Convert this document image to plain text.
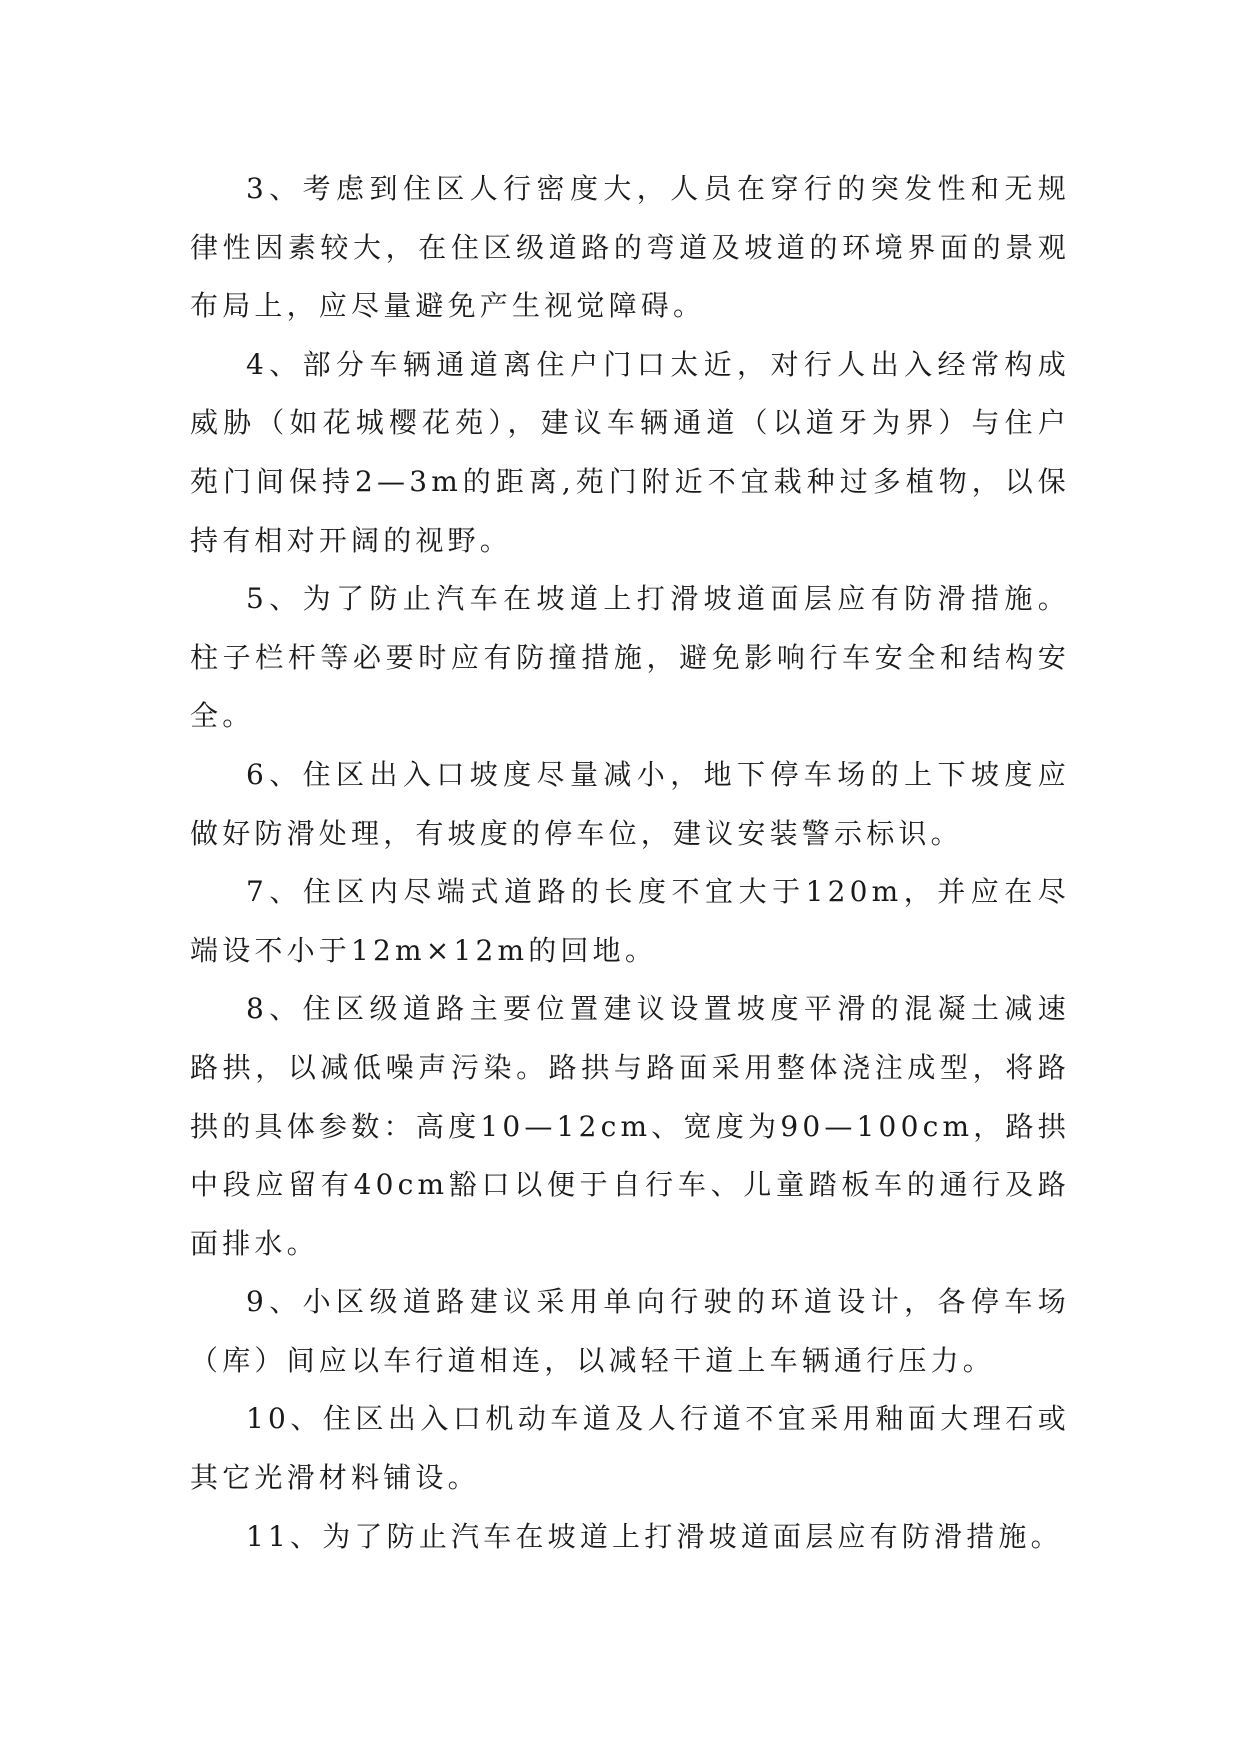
3、考虑到住区人行密度大，人员在穿行的突发性和无规律性因素较大，在住区级道路的弯道及坡道的环境界面的景观布局上，应尽量避免产生视觉障碍。

4、部分车辆通道离住户门口太近，对行人出入经常构成威胁（如花城樱花苑），建议车辆通道（以道牙为界）与住户苑门间保持2—3m的距离,苑门附近不宜栽种过多植物，以保持有相对开阔的视野。

5、为了防止汽车在坡道上打滑坡道面层应有防滑措施。柱子栏杆等必要时应有防撞措施，避免影响行车安全和结构安全。

6、住区出入口坡度尽量减小，地下停车场的上下坡度应做好防滑处理，有坡度的停车位，建议安装警示标识。

7、住区内尽端式道路的长度不宜大于120m，并应在尽端设不小于12m×12m的回地。

8、住区级道路主要位置建议设置坡度平滑的混凝土减速路拱，以减低噪声污染。路拱与路面采用整体浇注成型，将路拱的具体参数：高度10—12cm、宽度为90—100cm，路拱中段应留有40cm豁口以便于自行车、儿童踏板车的通行及路面排水。

9、小区级道路建议采用单向行驶的环道设计，各停车场（库）间应以车行道相连，以减轻干道上车辆通行压力。

10、住区出入口机动车道及人行道不宜采用釉面大理石或其它光滑材料铺设。

11、为了防止汽车在坡道上打滑坡道面层应有防滑措施。
